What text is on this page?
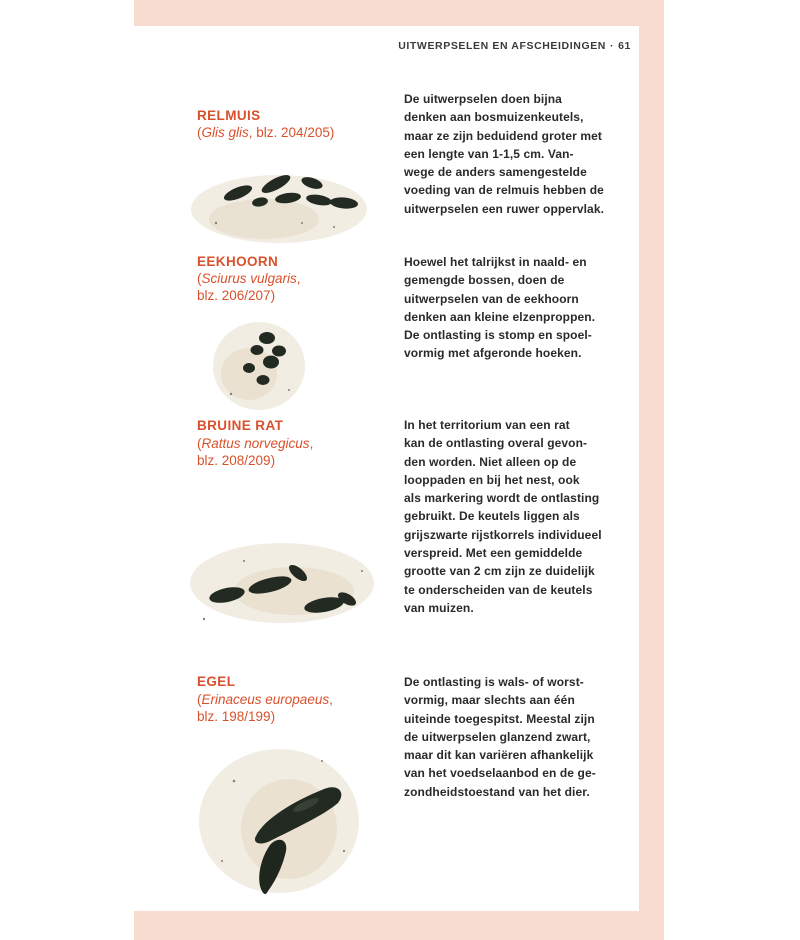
UITWERPSELEN EN AFSCHEIDINGEN · 61
RELMUIS
(Glis glis, blz. 204/205)

De uitwerpselen doen bijna

denken aan bosmuizenkeutels,

maar ze zijn beduidend groter met

een lengte van 1-1,5 cm. Van-

wege de anders samengestelde

voeding van de relmuis hebben de

uitwerpselen een ruwer oppervlak.

EEKHOORN
(Sciurus vulgaris,
blz. 206/207)

Hoewel het talrijkst in naald- en

gemengde bossen, doen de

uitwerpselen van de eekhoorn

denken aan kleine elzenproppen.

De ontlasting is stomp en spoel-

vormig met afgeronde hoeken.

BRUINE RAT
(Rattus norvegicus,
blz. 208/209)

In het territorium van een rat

kan de ontlasting overal gevon-

den worden. Niet alleen op de

looppaden en bij het nest, ook

als markering wordt de ontlasting

gebruikt. De keutels liggen als

grijszwarte rijstkorrels individueel

verspreid. Met een gemiddelde

grootte van 2 cm zijn ze duidelijk

te onderscheiden van de keutels

van muizen.

EGEL
(Erinaceus europaeus,
blz. 198/199)

De ontlasting is wals- of worst-

vormig, maar slechts aan één

uiteinde toegespitst. Meestal zijn

de uitwerpselen glanzend zwart,

maar dit kan variëren afhankelijk

van het voedselaanbod en de ge-

zondheidstoestand van het dier.
